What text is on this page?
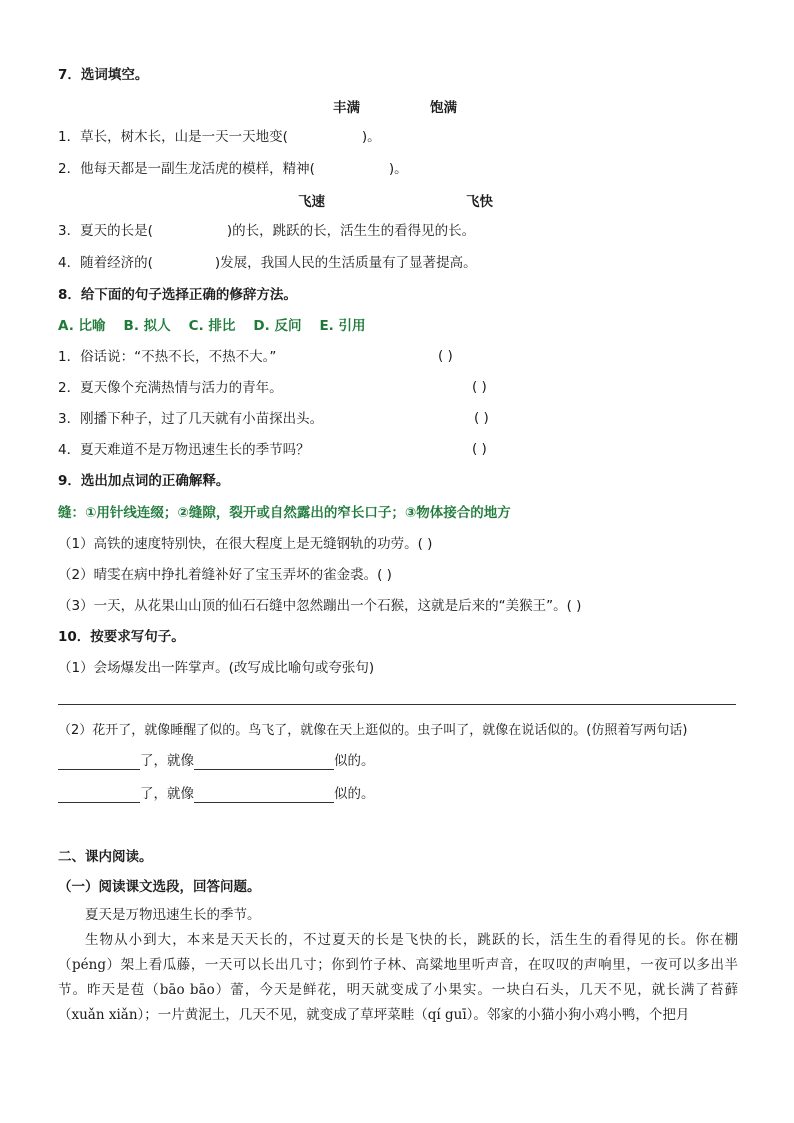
7．选词填空。
丰满	饱满
1．草长，树木长，山是一天一天地变(	)。
2．他每天都是一副生龙活虎的模样，精神(	)。
飞速	飞快
3．夏天的长是(	)的长，跳跃的长，活生生的看得见的长。
4．随着经济的(	)发展，我国人民的生活质量有了显著提高。
8．给下面的句子选择正确的修辞方法。
A. 比喻 B. 拟人 C. 排比 D. 反问 E. 引用
1．俗话说：“不热不长，不热不大。”	( )
2．夏天像个充满热情与活力的青年。	( )
3．刚播下种子，过了几天就有小苗探出头。	( )
4．夏天难道不是万物迅速生长的季节吗？	( )
9．选出加点词的正确解释。
缝：①用针线连缀；②缝隙，裂开或自然露出的窄长口子；③物体接合的地方
（1）高铁的速度特别快，在很大程度上是无缝钢轨的功劳。( )
（2）晴雯在病中挣扎着缝补好了宝玉弄坏的雀金裘。( )
（3）一天，从花果山山顶的仙石石缝中忽然蹦出一个石猴，这就是后来的“美猴王”。( )
10．按要求写句子。
（1）会场爆发出一阵掌声。(改写成比喻句或夸张句)
（2）花开了，就像睡醒了似的。鸟飞了，就像在天上逛似的。虫子叫了，就像在说话似的。(仿照着写两句话)
了，就像	似的。
了，就像	似的。
二、课内阅读。
（一）阅读课文选段，回答问题。

夏天是万物迅速生长的季节。

生物从小到大，本来是天天长的，不过夏天的长是飞快的长，跳跃的长，活生生的看得见的长。你在棚（péng）架上看瓜藤，一天可以长出几寸；你到竹子林、高粱地里听声音，在叹叹的声响里，一夜可以多出半节。昨天是苞（bāo bāo）蕾，今天是鲜花，明天就变成了小果实。一块白石头，几天不见，就长满了苔藓（xuǎn xiǎn）；一片黄泥土，几天不见，就变成了草坪菜畦（qí guī）。邻家的小猫小狗小鸡小鸭，个把月
